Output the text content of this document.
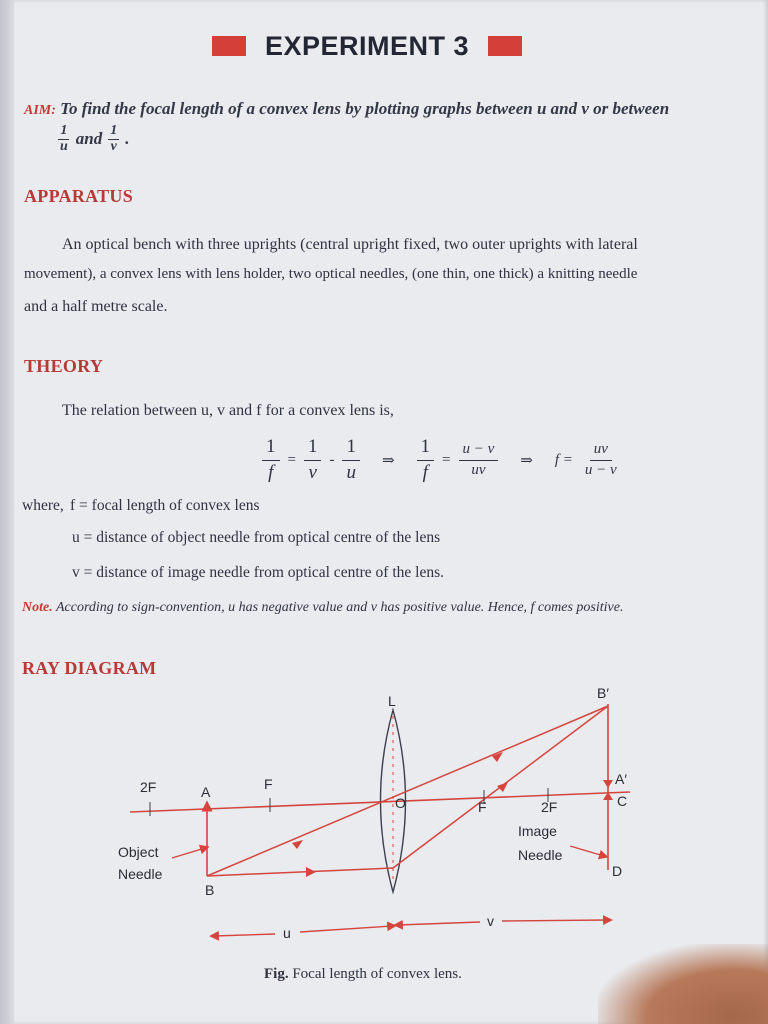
EXPERIMENT 3
AIM: To find the focal length of a convex lens by plotting graphs between u and v or between
$\frac{1}{u}$ and $\frac{1}{v}$ .
APPARATUS
An optical bench with three uprights (central upright fixed, two outer uprights with lateral
movement), a convex lens with lens holder, two optical needles, (one thin, one thick) a knitting needle
and a half metre scale.
THEORY
The relation between u, v and f for a convex lens is,
$\frac{1}{f} = \frac{1}{v} - \frac{1}{u}$ ⇒ $\frac{1}{f} = \frac{u - v}{uv}$ ⇒ $f = \frac{uv}{u - v}$
where, f = focal length of convex lens
u = distance of object needle from optical centre of the lens
v = distance of image needle from optical centre of the lens.
Note. According to sign-convention, u has negative value and v has positive value. Hence, f comes positive.
RAY DIAGRAM
L	B′
A′
C
2F	A	F
O	F	2F
Image
Needle
Object
Needle
B
D
u
v
Fig. Focal length of convex lens.
